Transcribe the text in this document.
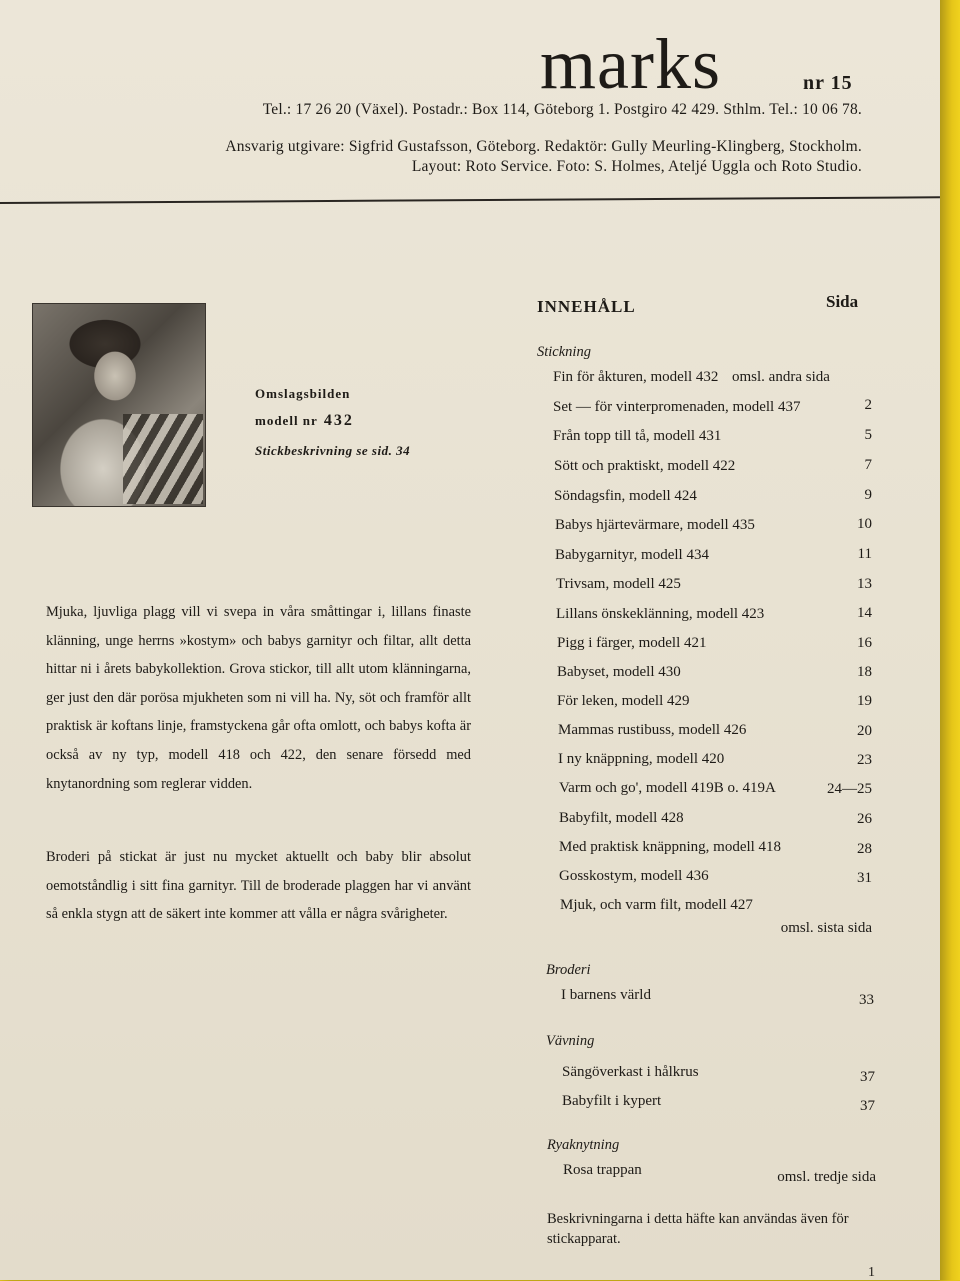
marks	nr 15
Tel.: 17 26 20 (Växel). Postadr.: Box 114, Göteborg 1. Postgiro 42 429. Sthlm. Tel.: 10 06 78.
Ansvarig utgivare: Sigfrid Gustafsson, Göteborg. Redaktör: Gully Meurling-Klingberg, Stockholm.
Layout: Roto Service. Foto: S. Holmes, Ateljé Uggla och Roto Studio.
Omslagsbilden
modell nr 432
Stickbeskrivning se sid. 34
Mjuka, ljuvliga plagg vill vi svepa in våra småttingar i, lillans finaste klänning, unge herrns »kostym» och babys garnityr och filtar, allt detta hittar ni i årets babykollektion. Grova stickor, till allt utom klänningarna, ger just den där porösa mjukheten som ni vill ha. Ny, söt och framför allt praktisk är koftans linje, framstyckena går ofta omlott, och babys kofta är också av ny typ, modell 418 och 422, den senare försedd med knytanordning som reglerar vidden.
Broderi på stickat är just nu mycket aktuellt och baby blir absolut oemotståndlig i sitt fina garnityr. Till de broderade plaggen har vi använt så enkla stygn att de säkert inte kommer att vålla er några svårigheter.
INNEHÅLL	Sida
Stickning
Fin för åkturen, modell 432 omsl. andra sida
Set — för vinterpromenaden, modell 437	2
Från topp till tå, modell 431	5
Sött och praktiskt, modell 422	7
Söndagsfin, modell 424	9
Babys hjärtevärmare, modell 435	10
Babygarnityr, modell 434	11
Trivsam, modell 425	13
Lillans önskeklänning, modell 423	14
Pigg i färger, modell 421	16
Babyset, modell 430	18
För leken, modell 429	19
Mammas rustibuss, modell 426	20
I ny knäppning, modell 420	23
Varm och go', modell 419B o. 419A	24—25
Babyfilt, modell 428	26
Med praktisk knäppning, modell 418	28
Gosskostym, modell 436	31
Mjuk, och varm filt, modell 427
omsl. sista sida
Broderi
I barnens värld	33
Vävning
Sängöverkast i hålkrus	37
Babyfilt i kypert	37
Ryaknytning
Rosa trappan	omsl. tredje sida
Beskrivningarna i detta häfte kan användas även för stickapparat.
1
